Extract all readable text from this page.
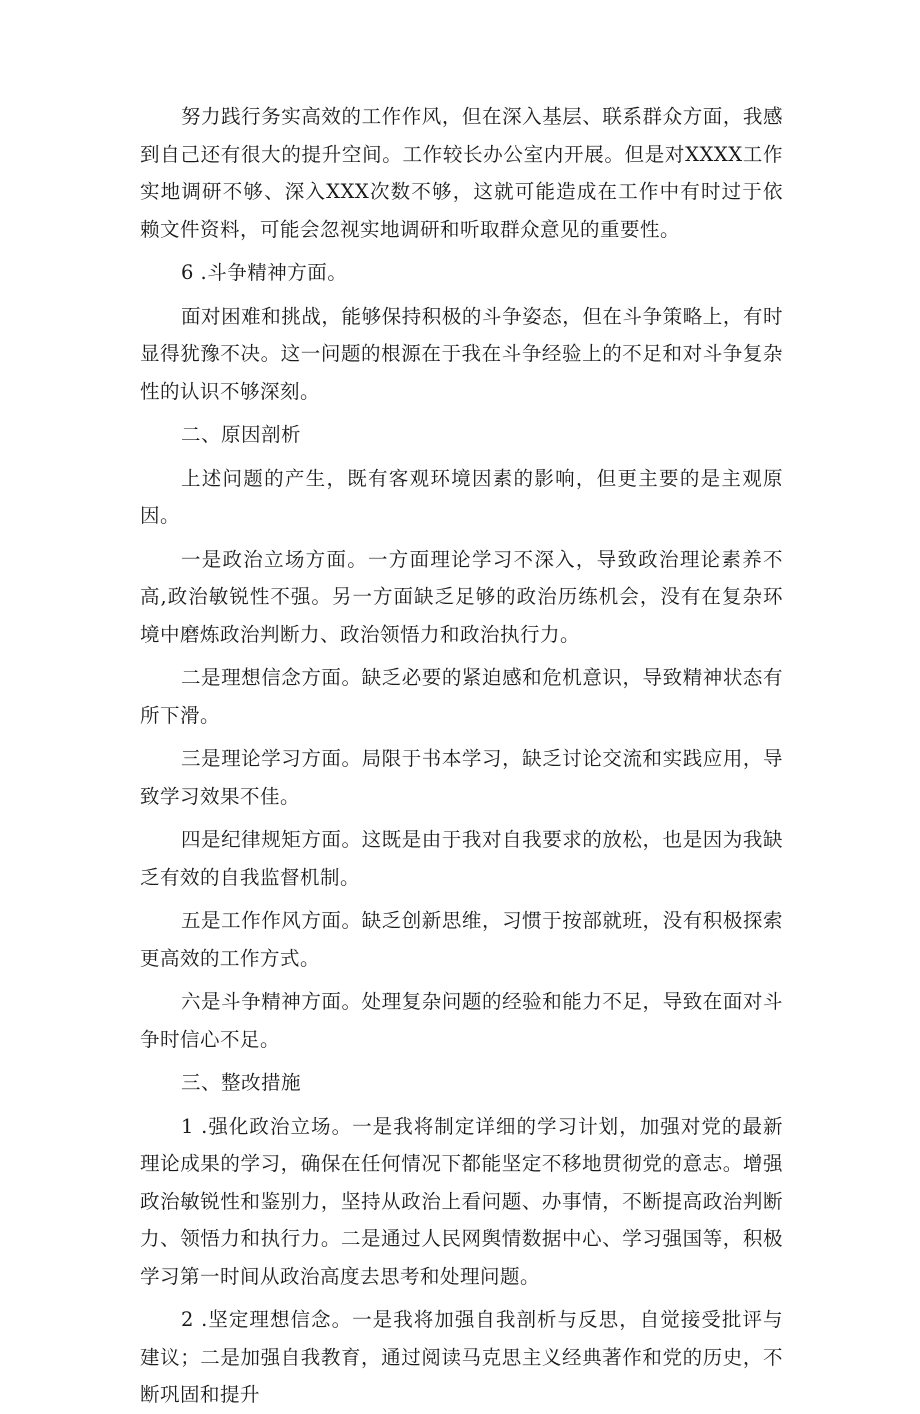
努力践行务实高效的工作作风，但在深入基层、联系群众方面，我感到自己还有很大的提升空间。工作较长办公室内开展。但是对XXXX工作实地调研不够、深入XXX次数不够，这就可能造成在工作中有时过于依赖文件资料，可能会忽视实地调研和听取群众意见的重要性。

6 .斗争精神方面。

面对困难和挑战，能够保持积极的斗争姿态，但在斗争策略上，有时显得犹豫不决。这一问题的根源在于我在斗争经验上的不足和对斗争复杂性的认识不够深刻。

二、原因剖析

上述问题的产生，既有客观环境因素的影响，但更主要的是主观原因。

一是政治立场方面。一方面理论学习不深入，导致政治理论素养不高,政治敏锐性不强。另一方面缺乏足够的政治历练机会，没有在复杂环境中磨炼政治判断力、政治领悟力和政治执行力。

二是理想信念方面。缺乏必要的紧迫感和危机意识，导致精神状态有所下滑。

三是理论学习方面。局限于书本学习，缺乏讨论交流和实践应用，导致学习效果不佳。

四是纪律规矩方面。这既是由于我对自我要求的放松，也是因为我缺乏有效的自我监督机制。

五是工作作风方面。缺乏创新思维，习惯于按部就班，没有积极探索更高效的工作方式。

六是斗争精神方面。处理复杂问题的经验和能力不足，导致在面对斗争时信心不足。

三、整改措施

1 .强化政治立场。一是我将制定详细的学习计划，加强对党的最新理论成果的学习，确保在任何情况下都能坚定不移地贯彻党的意志。增强政治敏锐性和鉴别力，坚持从政治上看问题、办事情，不断提高政治判断力、领悟力和执行力。二是通过人民网舆情数据中心、学习强国等，积极学习第一时间从政治高度去思考和处理问题。

2 .坚定理想信念。一是我将加强自我剖析与反思，自觉接受批评与建议；二是加强自我教育，通过阅读马克思主义经典著作和党的历史，不断巩固和提升
